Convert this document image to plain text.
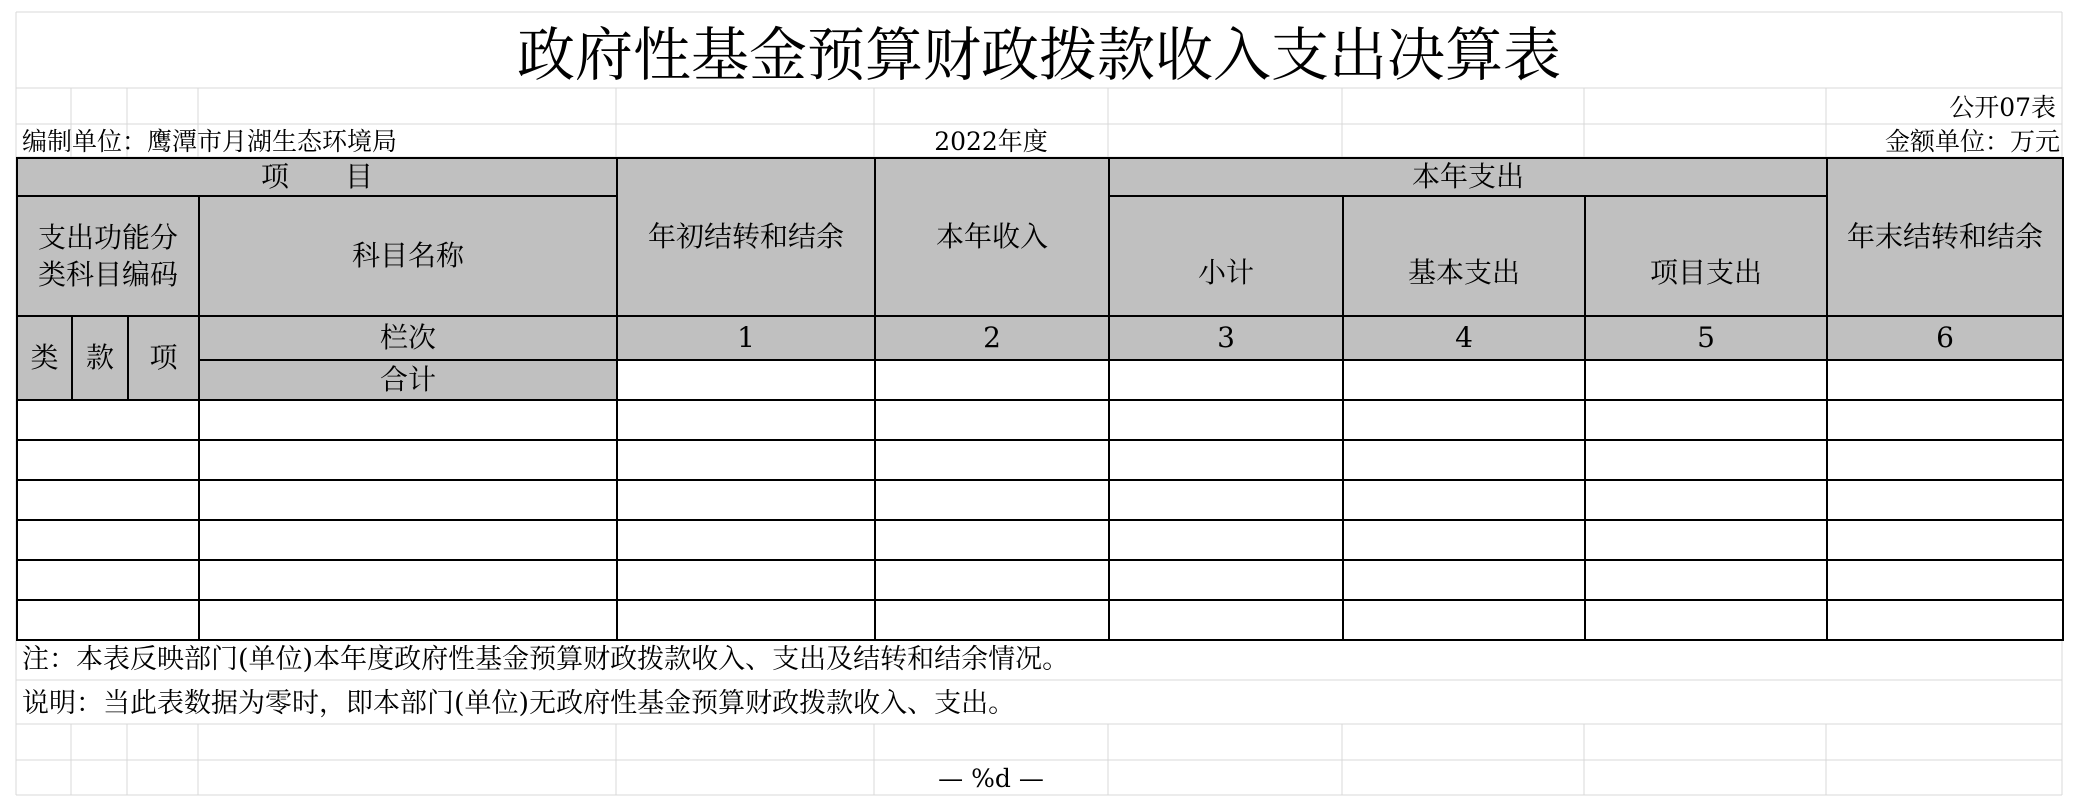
政府性基金预算财政拨款收入支出决算表
公开07表
编制单位：鹰潭市月湖生态环境局	2022年度	金额单位：万元
项　　目				年初结转和结余	本年收入	本年支出			年末结转和结余
支出功能分类科目编码			科目名称			小计	基本支出	项目支出	
类	款	项	栏次	1	2	3	4	5	6
			合计						

注：本表反映部门(单位)本年度政府性基金预算财政拨款收入、支出及结转和结余情况。
说明：当此表数据为零时，即本部门(单位)无政府性基金预算财政拨款收入、支出。
— %d —
